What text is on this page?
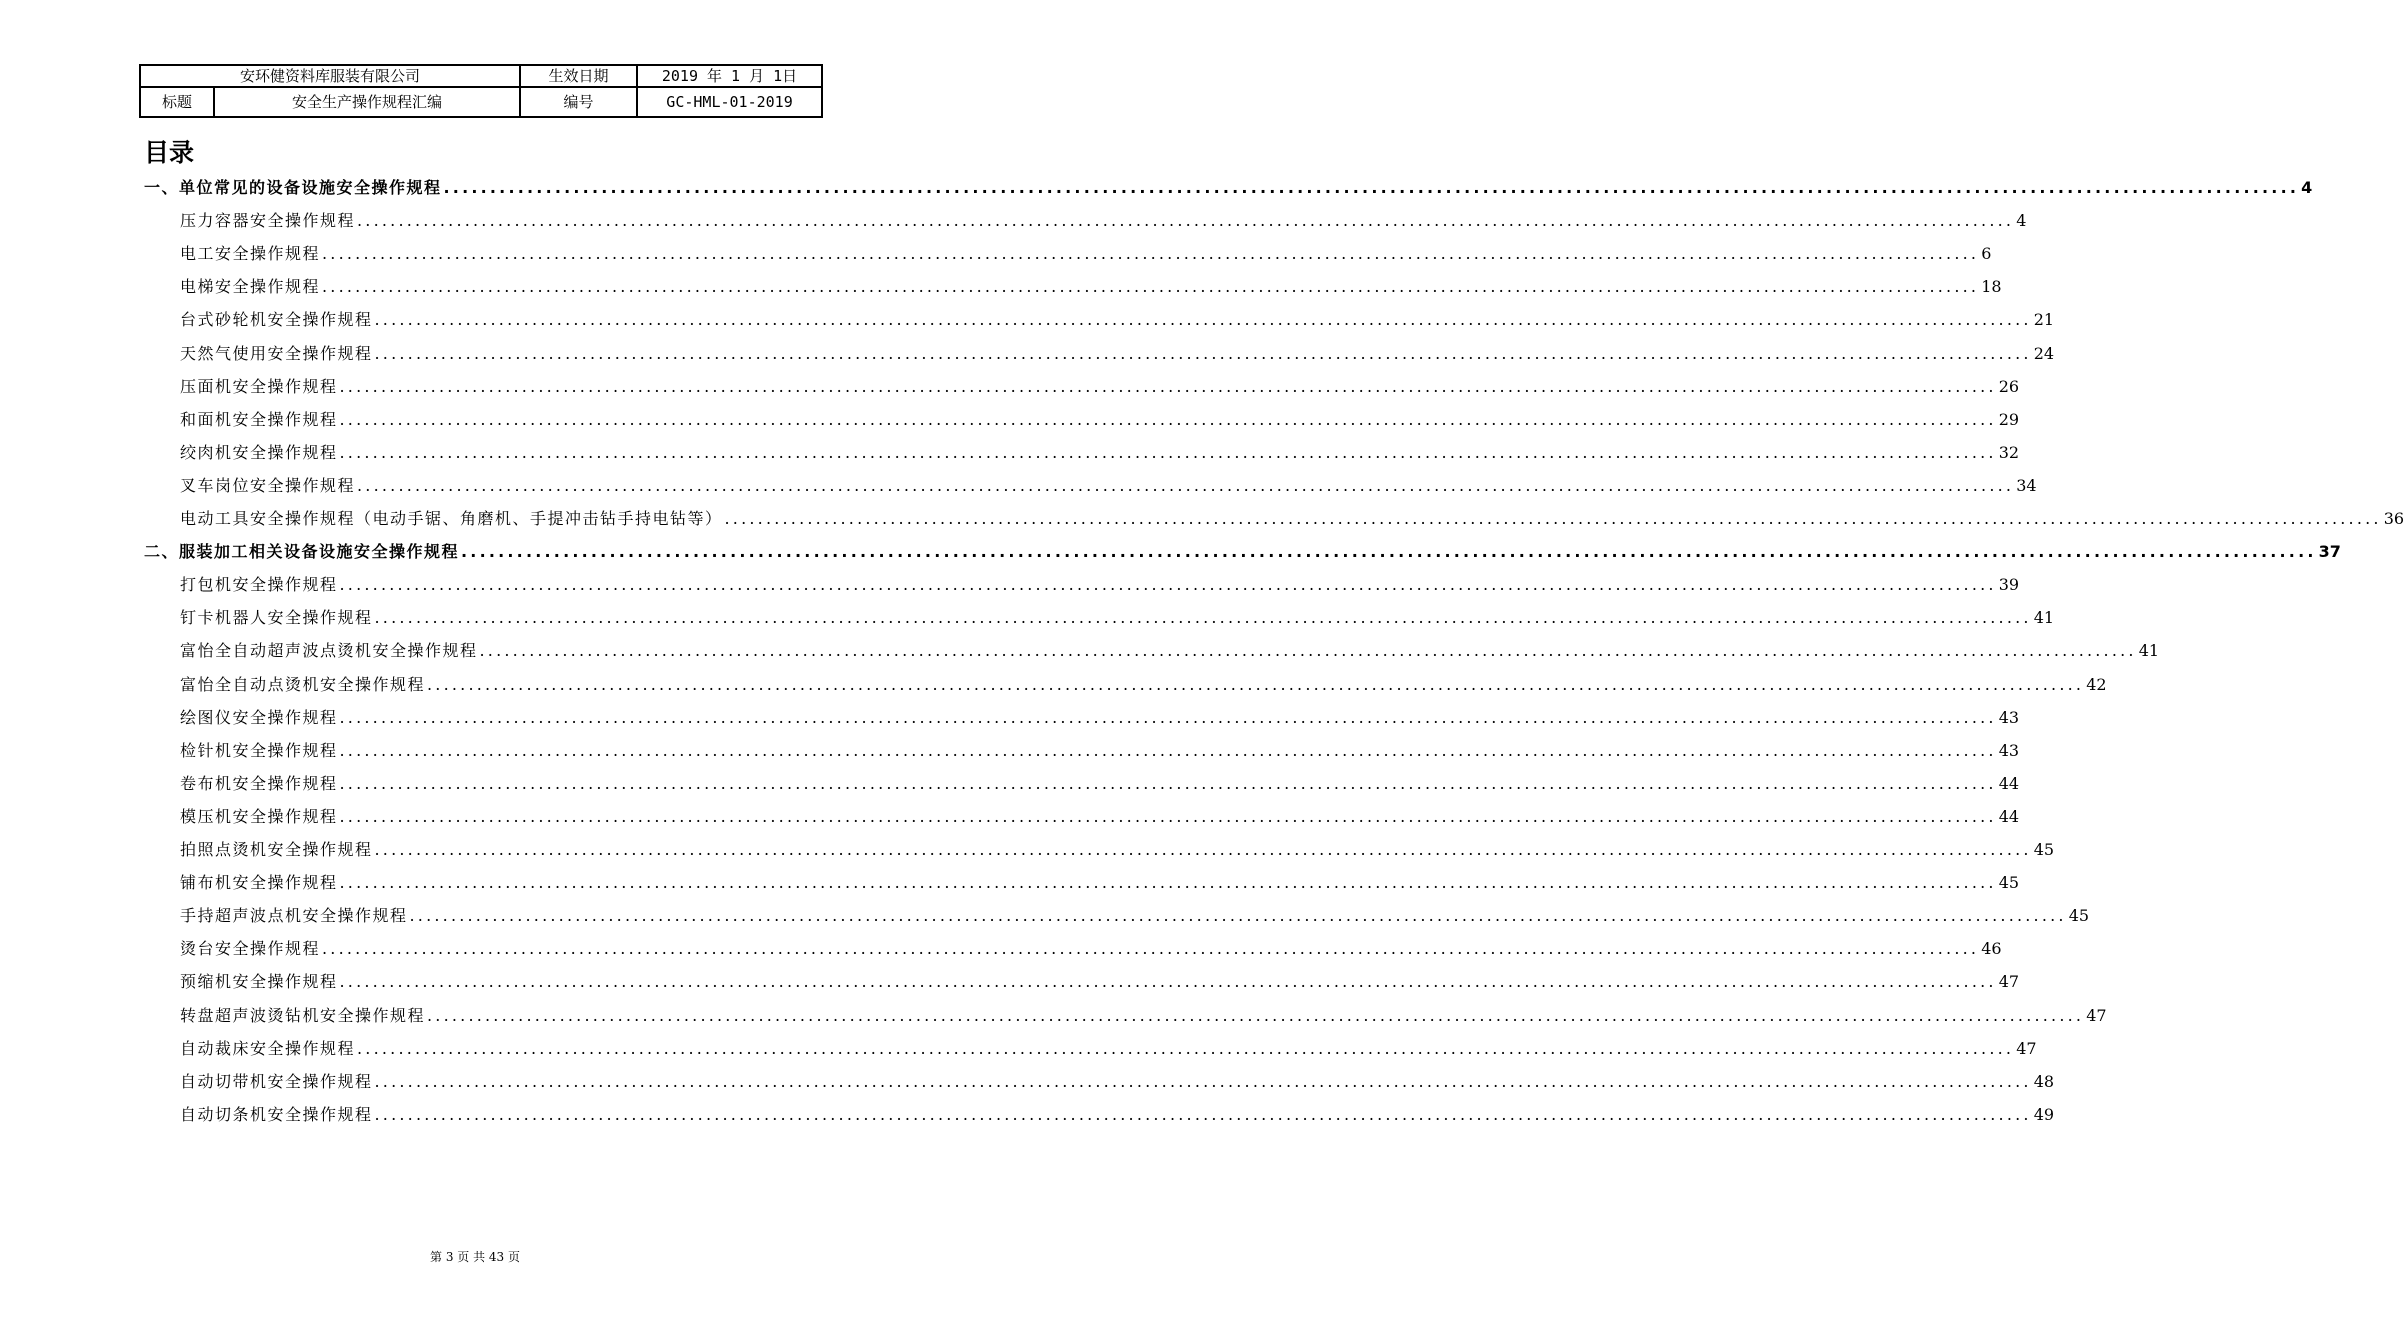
安环健资料库服装有限公司		生效日期	2019 年 1 月 1日
标题	安全生产操作规程汇编	编号	GC-HML-01-2019
目录
一、单位常见的设备设施安全操作规程 ........................................................................................................................................................................................................ 4
压力容器安全操作规程 ........................................................................................................................................................................................................ 4
电工安全操作规程 ........................................................................................................................................................................................................ 6
电梯安全操作规程 ........................................................................................................................................................................................................ 18
台式砂轮机安全操作规程 ........................................................................................................................................................................................................ 21
天然气使用安全操作规程 ........................................................................................................................................................................................................ 24
压面机安全操作规程 ........................................................................................................................................................................................................ 26
和面机安全操作规程 ........................................................................................................................................................................................................ 29
绞肉机安全操作规程 ........................................................................................................................................................................................................ 32
叉车岗位安全操作规程 ........................................................................................................................................................................................................ 34
电动工具安全操作规程（电动手锯、角磨机、手提冲击钻手持电钻等） ........................................................................................................................................................................................................ 36
二、服装加工相关设备设施安全操作规程 ........................................................................................................................................................................................................ 37
打包机安全操作规程 ........................................................................................................................................................................................................ 39
钉卡机器人安全操作规程 ........................................................................................................................................................................................................ 41
富怡全自动超声波点烫机安全操作规程 ........................................................................................................................................................................................................ 41
富怡全自动点烫机安全操作规程 ........................................................................................................................................................................................................ 42
绘图仪安全操作规程 ........................................................................................................................................................................................................ 43
检针机安全操作规程 ........................................................................................................................................................................................................ 43
卷布机安全操作规程 ........................................................................................................................................................................................................ 44
模压机安全操作规程 ........................................................................................................................................................................................................ 44
拍照点烫机安全操作规程 ........................................................................................................................................................................................................ 45
铺布机安全操作规程 ........................................................................................................................................................................................................ 45
手持超声波点机安全操作规程 ........................................................................................................................................................................................................ 45
烫台安全操作规程 ........................................................................................................................................................................................................ 46
预缩机安全操作规程 ........................................................................................................................................................................................................ 47
转盘超声波烫钻机安全操作规程 ........................................................................................................................................................................................................ 47
自动裁床安全操作规程 ........................................................................................................................................................................................................ 47
自动切带机安全操作规程 ........................................................................................................................................................................................................ 48
自动切条机安全操作规程 ........................................................................................................................................................................................................ 49
第 3 页 共 43 页
